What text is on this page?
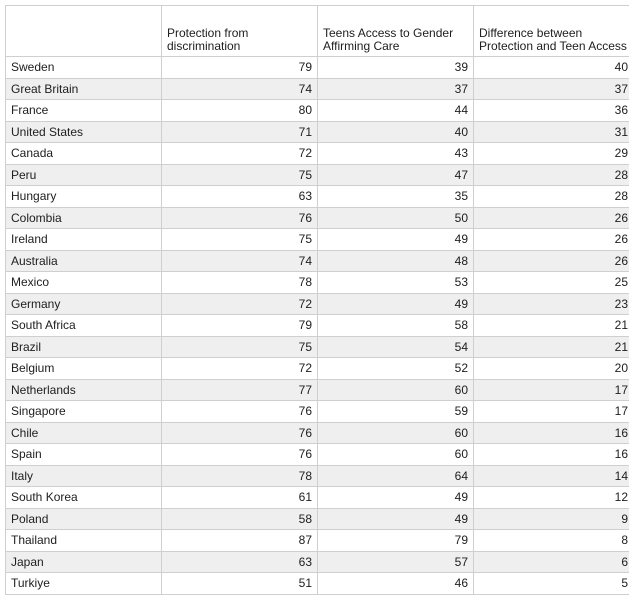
	Protection from discrimination	Teens Access to Gender Affirming Care	Difference between Protection and Teen Access
Sweden	79	39	40
Great Britain	74	37	37
France	80	44	36
United States	71	40	31
Canada	72	43	29
Peru	75	47	28
Hungary	63	35	28
Colombia	76	50	26
Ireland	75	49	26
Australia	74	48	26
Mexico	78	53	25
Germany	72	49	23
South Africa	79	58	21
Brazil	75	54	21
Belgium	72	52	20
Netherlands	77	60	17
Singapore	76	59	17
Chile	76	60	16
Spain	76	60	16
Italy	78	64	14
South Korea	61	49	12
Poland	58	49	9
Thailand	87	79	8
Japan	63	57	6
Turkiye	51	46	5
